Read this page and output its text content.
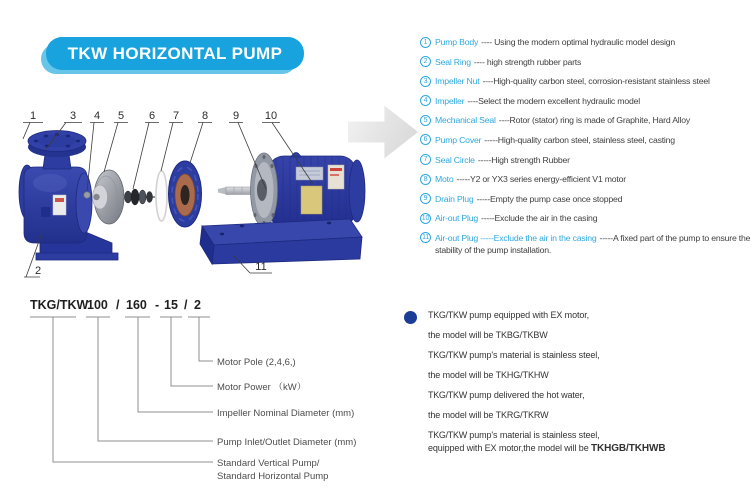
TKW HORIZONTAL PUMP
1	3 4 5 6 7 8 9 10
2	11
1 Pump Body ---- Using the modern optimal hydraulic model design
2 Seal Ring ---- high strength rubber parts
3 Impeller Nut ----High-quality carbon steel, corrosion-resistant stainless steel
4 Impeller ----Select the modern excellent hydraulic model
5 Mechanical Seal ----Rotor (stator) ring is made of Graphite, Hard Alloy
6 Pump Cover -----High-quality carbon steel, stainless steel, casting
7 Seal Circle -----High strength Rubber
8 Moto -----Y2 or YX3 series energy-efficient V1 motor
9 Drain Plug -----Empty the pump case once stopped
10 Air-out Plug -----Exclude the air in the casing
11 Air-out Plug -----Exclude the air in the casing -----A fixed part of the pump to ensure the stability of the pump installation.
TKG/TKW
100 / 160 - 15 / 2
Motor Pole (2,4,6,)
Motor Power （kW）
Impeller Nominal Diameter (mm)
Pump Inlet/Outlet Diameter (mm)
Standard Vertical Pump/
Standard Horizontal Pump
TKG/TKW pump equipped with EX motor,
the model will be TKBG/TKBW
TKG/TKW pump's material is stainless steel,
the model will be TKHG/TKHW
TKG/TKW pump delivered the hot water,
the model will be TKRG/TKRW
TKG/TKW pump's material is stainless steel,
equipped with EX motor,the model will be TKHGB/TKHWB
